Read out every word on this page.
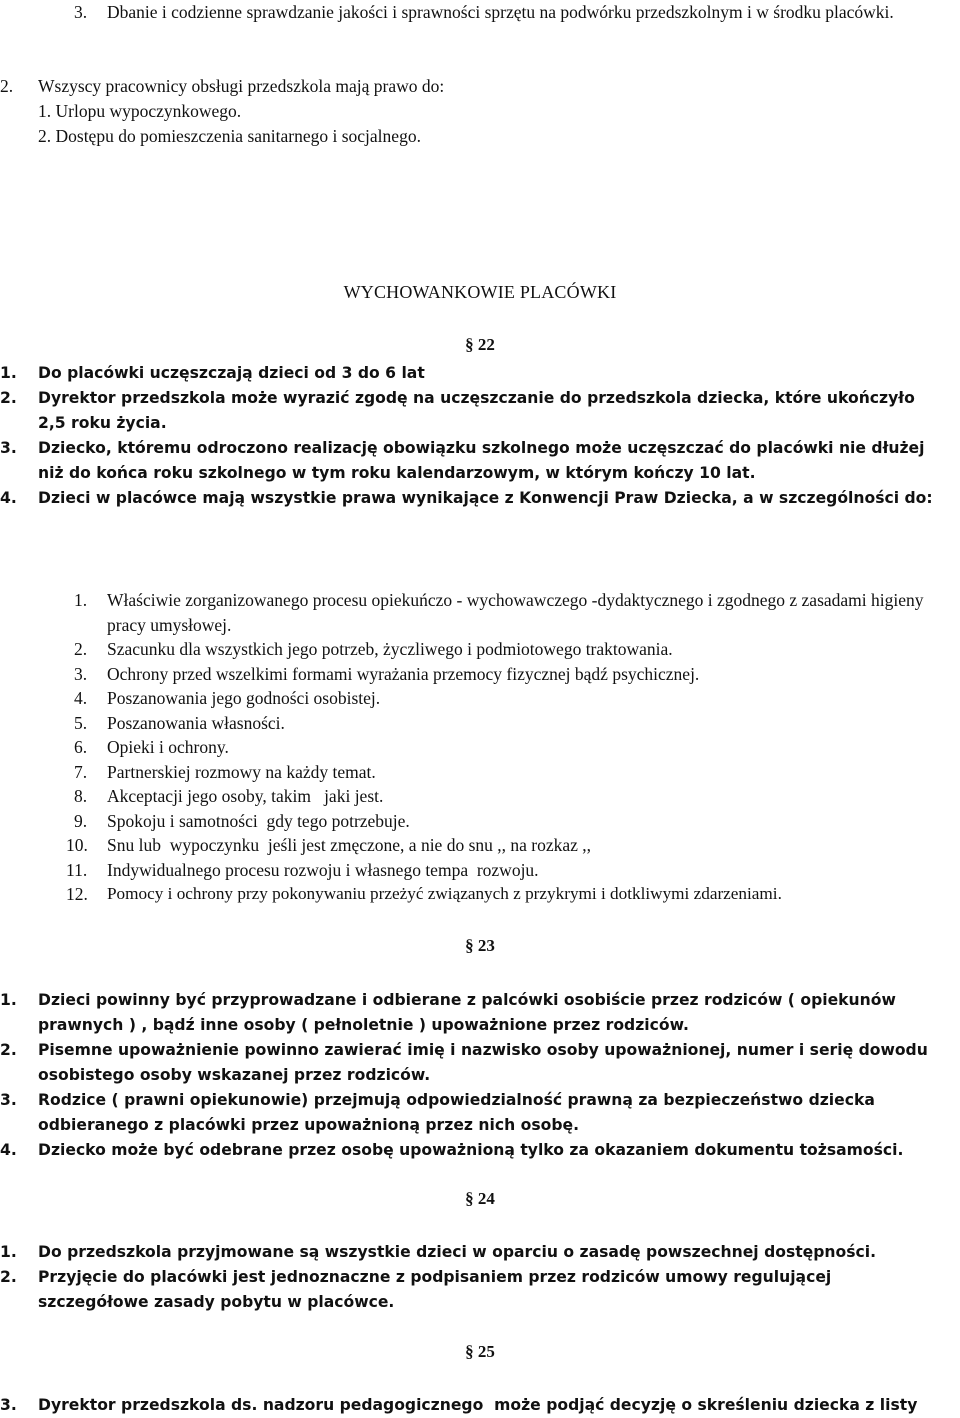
3.	Dbanie i codzienne sprawdzanie jakości i sprawności sprzętu na podwórku przedszkolnym i w środku placówki.
2.	Wszyscy pracownicy obsługi przedszkola mają prawo do:
1. Urlopu wypoczynkowego.
2. Dostępu do pomieszczenia sanitarnego i socjalnego.
WYCHOWANKOWIE PLACÓWKI
§ 22
1.	Do placówki uczęszczają dzieci od 3 do 6 lat
2.	Dyrektor przedszkola może wyrazić zgodę na uczęszczanie do przedszkola dziecka, które ukończyło 2,5 roku życia.
3.	Dziecko, któremu odroczono realizację obowiązku szkolnego może uczęszczać do placówki nie dłużej niż do końca roku szkolnego w tym roku kalendarzowym, w którym kończy 10 lat.
4.	Dzieci w placówce mają wszystkie prawa wynikające z Konwencji Praw Dziecka, a w szczególności do:
1.	Właściwie zorganizowanego procesu opiekuńczo - wychowawczego -dydaktycznego i zgodnego z zasadami higieny pracy umysłowej.
2.	Szacunku dla wszystkich jego potrzeb, życzliwego i podmiotowego traktowania.
3.	Ochrony przed wszelkimi formami wyrażania przemocy fizycznej bądź psychicznej.
4.	Poszanowania jego godności osobistej.
5.	Poszanowania własności.
6.	Opieki i ochrony.
7.	Partnerskiej rozmowy na każdy temat.
8.	Akceptacji jego osoby, takim   jaki jest.
9.	Spokoju i samotności  gdy tego potrzebuje.
10.	Snu lub  wypoczynku  jeśli jest zmęczone, a nie do snu ,, na rozkaz ,,
11.	Indywidualnego procesu rozwoju i własnego tempa  rozwoju.
12.	Pomocy i ochrony przy pokonywaniu przeżyć związanych z przykrymi i dotkliwymi zdarzeniami.
§ 23
1.	Dzieci powinny być przyprowadzane i odbierane z palcówki osobiście przez rodziców ( opiekunów prawnych ) , bądź inne osoby ( pełnoletnie ) upoważnione przez rodziców.
2.	Pisemne upoważnienie powinno zawierać imię i nazwisko osoby upoważnionej, numer i serię dowodu osobistego osoby wskazanej przez rodziców.
3.	Rodzice ( prawni opiekunowie) przejmują odpowiedzialność prawną za bezpieczeństwo dziecka odbieranego z placówki przez upoważnioną przez nich osobę.
4.	Dziecko może być odebrane przez osobę upoważnioną tylko za okazaniem dokumentu tożsamości.
§ 24
1.	Do przedszkola przyjmowane są wszystkie dzieci w oparciu o zasadę powszechnej dostępności.
2.	Przyjęcie do placówki jest jednoznaczne z podpisaniem przez rodziców umowy regulującej szczegółowe zasady pobytu w placówce.
§ 25
3.	Dyrektor przedszkola ds. nadzoru pedagogicznego  może podjąć decyzję o skreśleniu dziecka z listy
